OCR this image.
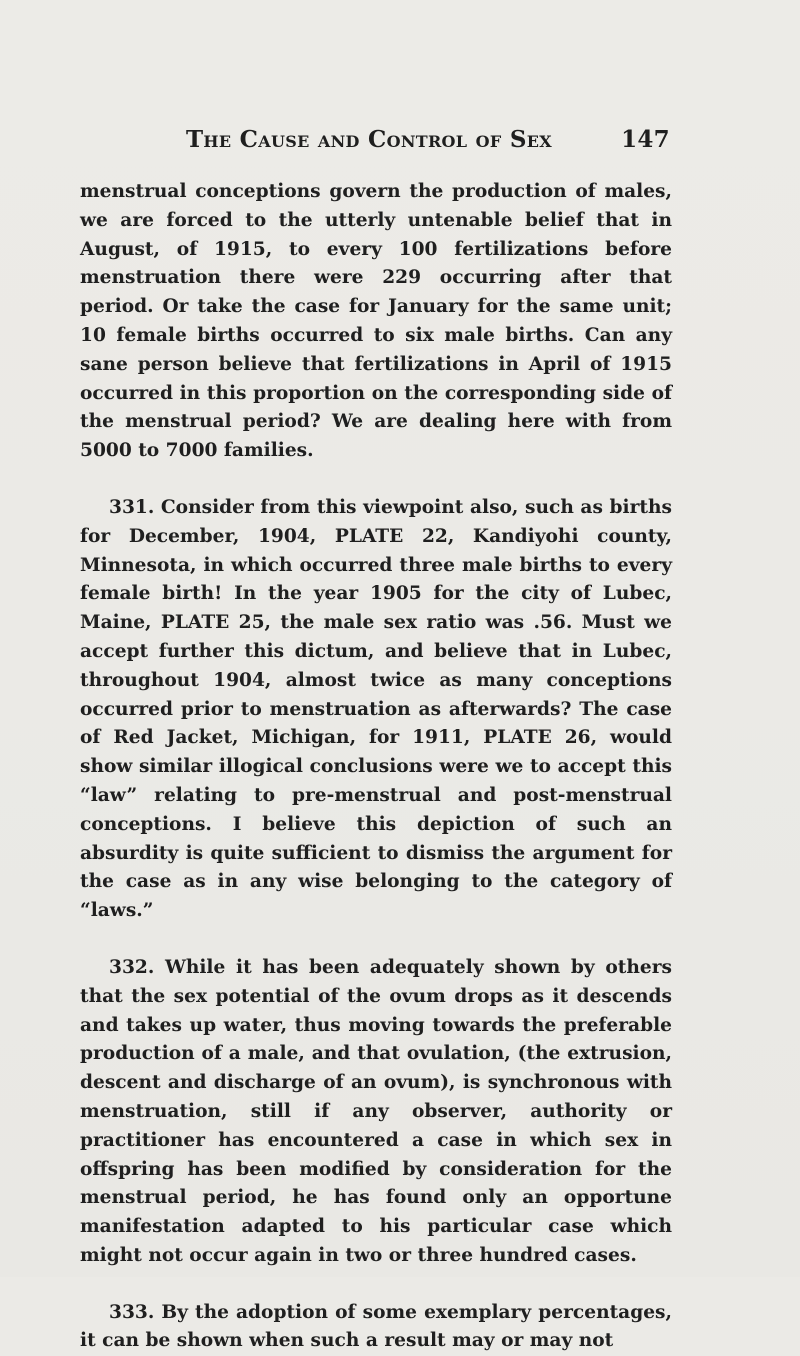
The Cause and Control of Sex	147

menstrual conceptions govern the production of males, we are forced to the utterly untenable belief that in August, of 1915, to every 100 fertilizations before menstruation there were 229 occurring after that period. Or take the case for January for the same unit; 10 female births occurred to six male births. Can any sane person believe that fertilizations in April of 1915 occurred in this proportion on the corresponding side of the menstrual period? We are dealing here with from 5000 to 7000 families.

331. Consider from this viewpoint also, such as births for December, 1904, PLATE 22, Kandiyohi county, Minnesota, in which occurred three male births to every female birth! In the year 1905 for the city of Lubec, Maine, PLATE 25, the male sex ratio was .56. Must we accept further this dictum, and believe that in Lubec, throughout 1904, almost twice as many conceptions occurred prior to menstruation as afterwards? The case of Red Jacket, Michigan, for 1911, PLATE 26, would show similar illogical conclusions were we to accept this “law” relating to pre-menstrual and post-menstrual conceptions. I believe this depiction of such an absurdity is quite sufficient to dismiss the argument for the case as in any wise belonging to the category of “laws.”

332. While it has been adequately shown by others that the sex potential of the ovum drops as it descends and takes up water, thus moving towards the preferable production of a male, and that ovulation, (the extrusion, descent and discharge of an ovum), is synchronous with menstruation, still if any observer, authority or practitioner has encountered a case in which sex in offspring has been modified by consideration for the menstrual period, he has found only an opportune manifestation adapted to his particular case which might not occur again in two or three hundred cases.

333. By the adoption of some exemplary percentages, it can be shown when such a result may or may not
